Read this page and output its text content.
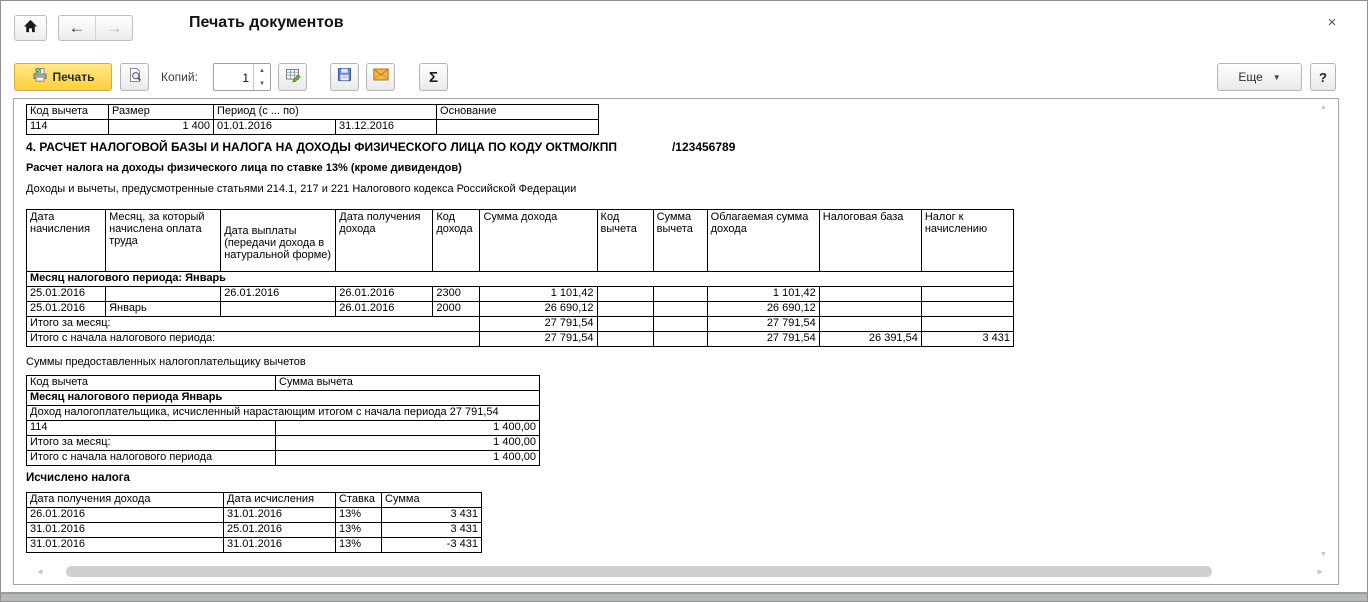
← →	Печать документов	×
Печать	Копий:	1
▲
▼	Σ	Еще ▼	?
Код вычета	Размер	Период (с ... по)		Основание
114	1 400	01.01.2016	31.12.2016	
4. РАСЧЕТ НАЛОГОВОЙ БАЗЫ И НАЛОГА НА ДОХОДЫ ФИЗИЧЕСКОГО ЛИЦА ПО КОДУ ОКТМО/КПП	/123456789
Расчет налога на доходы физического лица по ставке 13% (кроме дивидендов)
Доходы и вычеты, предусмотренные статьями 214.1, 217 и 221 Налогового кодекса Российской Федерации
Дата начисления	Месяц, за который начислена оплата труда	Дата выплаты (передачи дохода в натуральной форме)	Дата получения дохода	Код дохода	Сумма дохода	Код вычета	Сумма вычета	Облагаемая сумма дохода	Налоговая база	Налог к начислению
Месяц налогового периода: Январь										
25.01.2016		26.01.2016	26.01.2016	2300	1 101,42			1 101,42		
25.01.2016	Январь		26.01.2016	2000	26 690,12			26 690,12		
Итого за месяц:					27 791,54			27 791,54		
Итого с начала налогового периода:					27 791,54			27 791,54	26 391,54	3 431
Суммы предоставленных налогоплательщику вычетов
Код вычета	Сумма вычета
Месяц налогового периода Январь	
Доход налогоплательщика, исчисленный нарастающим итогом с начала периода 27 791,54	
114	1 400,00
Итого за месяц:	1 400,00
Итого с начала налогового периода	1 400,00
Исчислено налога
Дата получения дохода	Дата исчисления	Ставка	Сумма
26.01.2016	31.01.2016	13%	3 431
31.01.2016	25.01.2016	13%	3 431
31.01.2016	31.01.2016	13%	-3 431
◄	►
▲
▼
